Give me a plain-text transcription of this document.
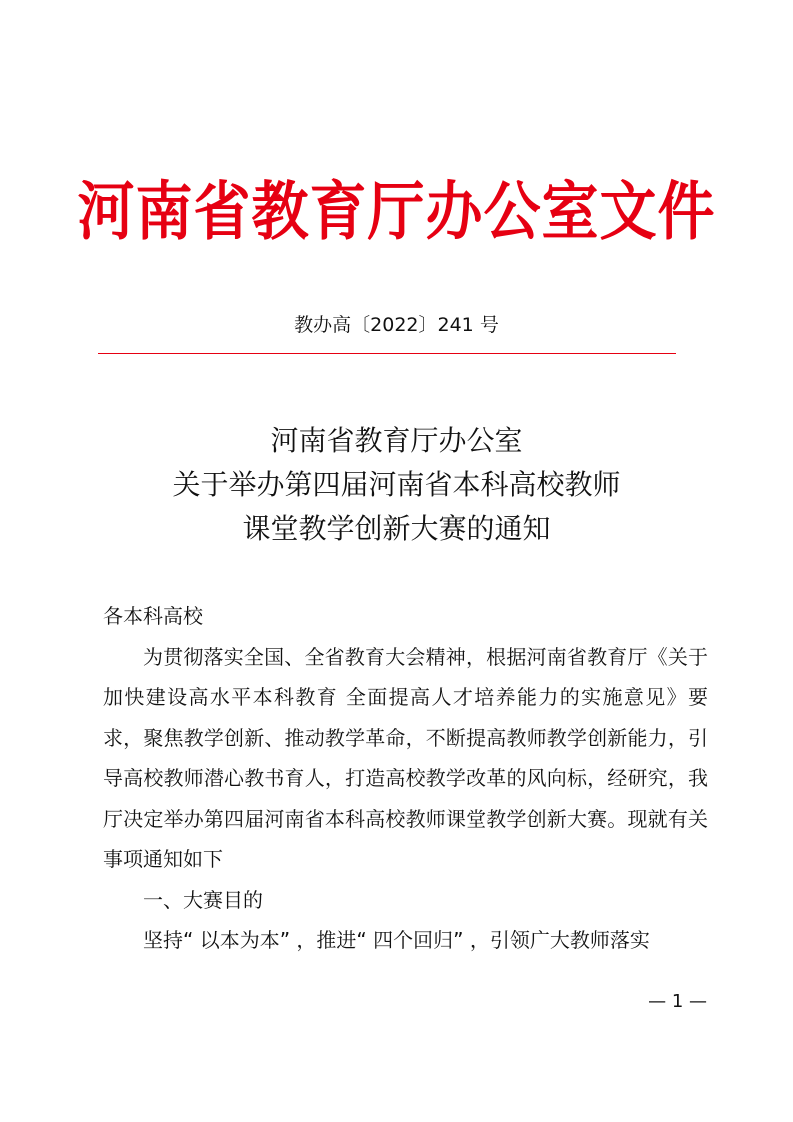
河南省教育厅办公室文件
教办高〔2022〕241 号
河南省教育厅办公室
关于举办第四届河南省本科高校教师
课堂教学创新大赛的通知

各本科高校

为贯彻落实全国、全省教育大会精神，根据河南省教育厅《关于加快建设高水平本科教育 全面提高人才培养能力的实施意见》要求，聚焦教学创新、推动教学革命，不断提高教师教学创新能力，引导高校教师潜心教书育人，打造高校教学改革的风向标，经研究，我厅决定举办第四届河南省本科高校教师课堂教学创新大赛。现就有关事项通知如下

一、大赛目的

坚持“ 以本为本” ，推进“ 四个回归” ，引领广大教师落实

— 1 —
